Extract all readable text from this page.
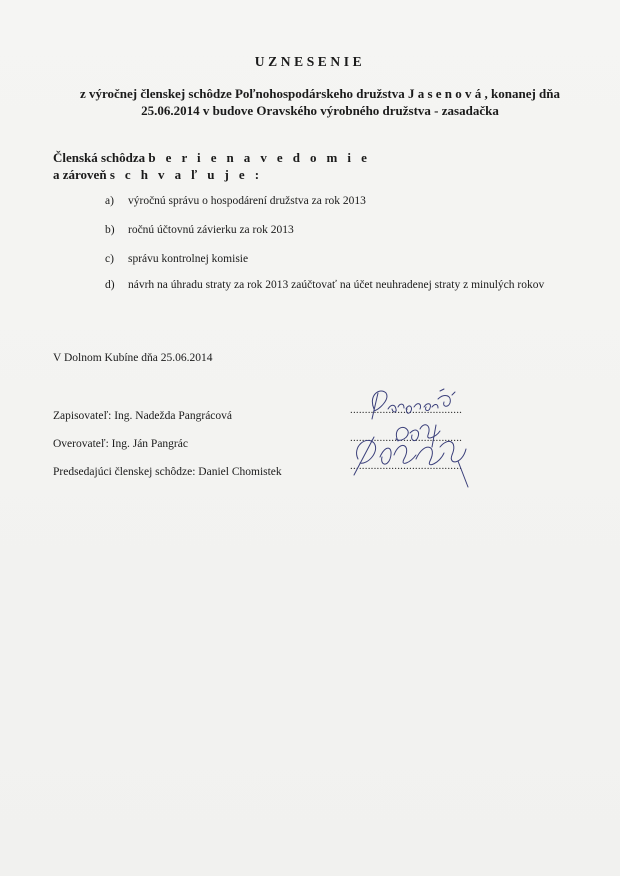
UZNESENIE
z výročnej členskej schôdze Poľnohospodárskeho družstva J a s e n o v á , konanej dňa
25.06.2014 v budove Oravského výrobného družstva - zasadačka
Členská schôdza b e r i e n a v e d o m i e
a zároveň s c h v a ľ u j e :
a) výročnú správu o hospodárení družstva za rok 2013
b) ročnú účtovnú závierku za rok 2013
c) správu kontrolnej komisie
d) návrh na úhradu straty za rok 2013 zaúčtovať na účet neuhradenej straty z minulých rokov
V Dolnom Kubíne dňa 25.06.2014
Zapisovateľ: Ing. Nadežda Pangrácová
Overovateľ: Ing. Ján Pangrác
Predsedajúci členskej schôdze: Daniel Chomistek
......................................
......................................
......................................
